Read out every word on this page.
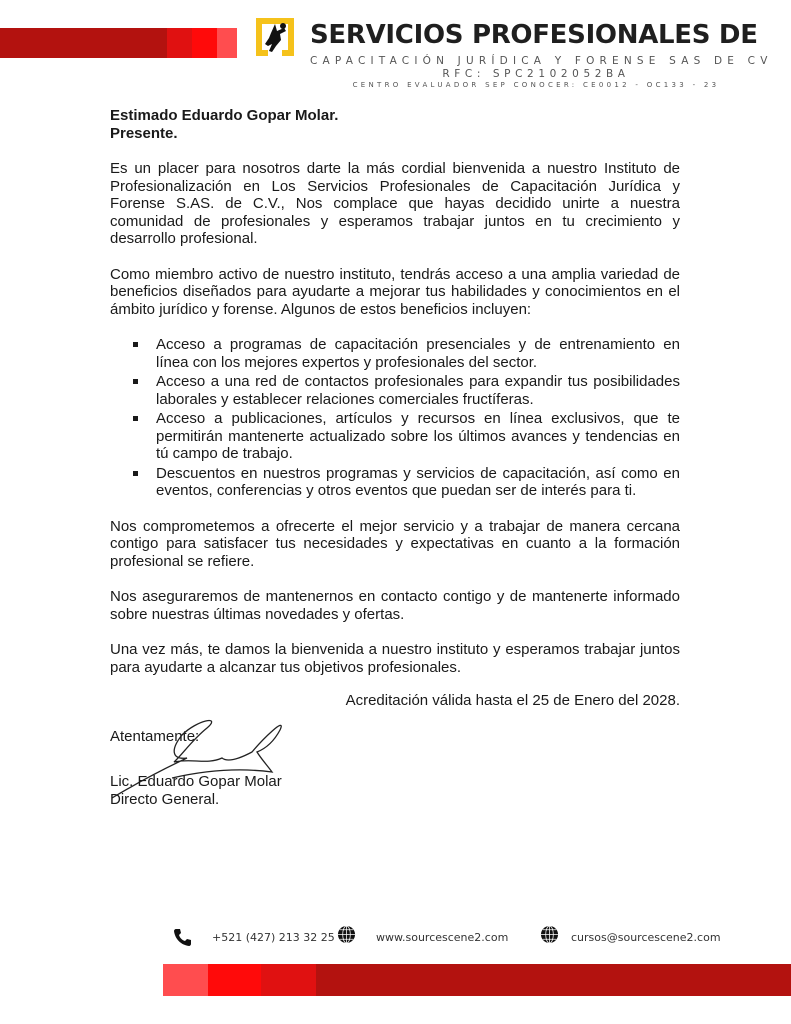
SERVICIOS PROFESIONALES DE
CAPACITACIÓN JURÍDICA Y FORENSE SAS DE CV
RFC: SPC2102052BA
CENTRO EVALUADOR SEP CONOCER: CE0012 - OC133 - 23

Estimado Eduardo Gopar Molar.

Presente.

Es un placer para nosotros darte la más cordial bienvenida a nuestro Instituto de Profesionalización en Los Servicios Profesionales de Capacitación Jurídica y Forense S.AS. de C.V., Nos complace que hayas decidido unirte a nuestra comunidad de profesionales y esperamos trabajar juntos en tu crecimiento y desarrollo profesional.

Como miembro activo de nuestro instituto, tendrás acceso a una amplia variedad de beneficios diseñados para ayudarte a mejorar tus habilidades y conocimientos en el ámbito jurídico y forense. Algunos de estos beneficios incluyen:

Acceso a programas de capacitación presenciales y de entrenamiento en línea con los mejores expertos y profesionales del sector.
Acceso a una red de contactos profesionales para expandir tus posibilidades laborales y establecer relaciones comerciales fructíferas.
Acceso a publicaciones, artículos y recursos en línea exclusivos, que te permitirán mantenerte actualizado sobre los últimos avances y tendencias en tú campo de trabajo.
Descuentos en nuestros programas y servicios de capacitación, así como en eventos, conferencias y otros eventos que puedan ser de interés para ti.

Nos comprometemos a ofrecerte el mejor servicio y a trabajar de manera cercana contigo para satisfacer tus necesidades y expectativas en cuanto a la formación profesional se refiere.

Nos aseguraremos de mantenernos en contacto contigo y de mantenerte informado sobre nuestras últimas novedades y ofertas.

Una vez más, te damos la bienvenida a nuestro instituto y esperamos trabajar juntos para ayudarte a alcanzar tus objetivos profesionales.

Acreditación válida hasta el 25 de Enero del 2028.

Atentamente:

Lic. Eduardo Gopar Molar
Directo General.
+521 (427) 213 32 25	www.sourcescene2.com	cursos@sourcescene2.com
